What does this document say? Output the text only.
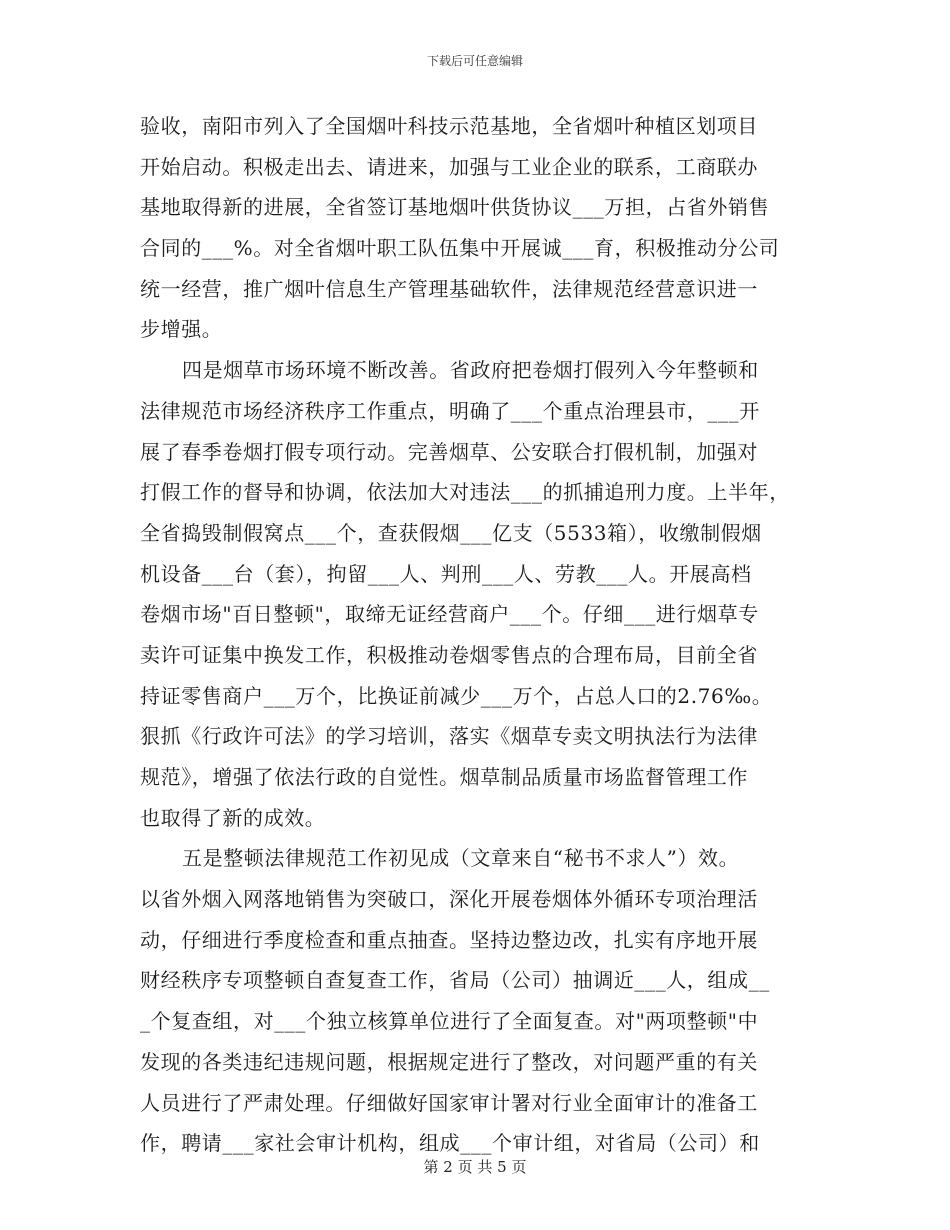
下载后可任意编辑
验收，南阳市列入了全国烟叶科技示范基地，全省烟叶种植区划项目
开始启动。积极走出去、请进来，加强与工业企业的联系，工商联办
基地取得新的进展，全省签订基地烟叶供货协议___万担，占省外销售
合同的___%。对全省烟叶职工队伍集中开展诚___育，积极推动分公司
统一经营，推广烟叶信息生产管理基础软件，法律规范经营意识进一
步增强。
四是烟草市场环境不断改善。省政府把卷烟打假列入今年整顿和
法律规范市场经济秩序工作重点，明确了___个重点治理县市，___开
展了春季卷烟打假专项行动。完善烟草、公安联合打假机制，加强对
打假工作的督导和协调，依法加大对违法___的抓捕追刑力度。上半年，
全省捣毁制假窝点___个，查获假烟___亿支（5533箱），收缴制假烟
机设备___台（套），拘留___人、判刑___人、劳教___人。开展高档
卷烟市场"百日整顿"，取缔无证经营商户___个。仔细___进行烟草专
卖许可证集中换发工作，积极推动卷烟零售点的合理布局，目前全省
持证零售商户___万个，比换证前减少___万个，占总人口的2.76‰。
狠抓《行政许可法》的学习培训，落实《烟草专卖文明执法行为法律
规范》，增强了依法行政的自觉性。烟草制品质量市场监督管理工作
也取得了新的成效。
五是整顿法律规范工作初见成（文章来自“秘书不求人”）效。
以省外烟入网落地销售为突破口，深化开展卷烟体外循环专项治理活
动，仔细进行季度检查和重点抽查。坚持边整边改，扎实有序地开展
财经秩序专项整顿自查复查工作，省局（公司）抽调近___人，组成__
_个复查组，对___个独立核算单位进行了全面复查。对"两项整顿"中
发现的各类违纪违规问题，根据规定进行了整改，对问题严重的有关
人员进行了严肃处理。仔细做好国家审计署对行业全面审计的准备工
作，聘请___家社会审计机构，组成___个审计组，对省局（公司）和
第 2 页 共 5 页
